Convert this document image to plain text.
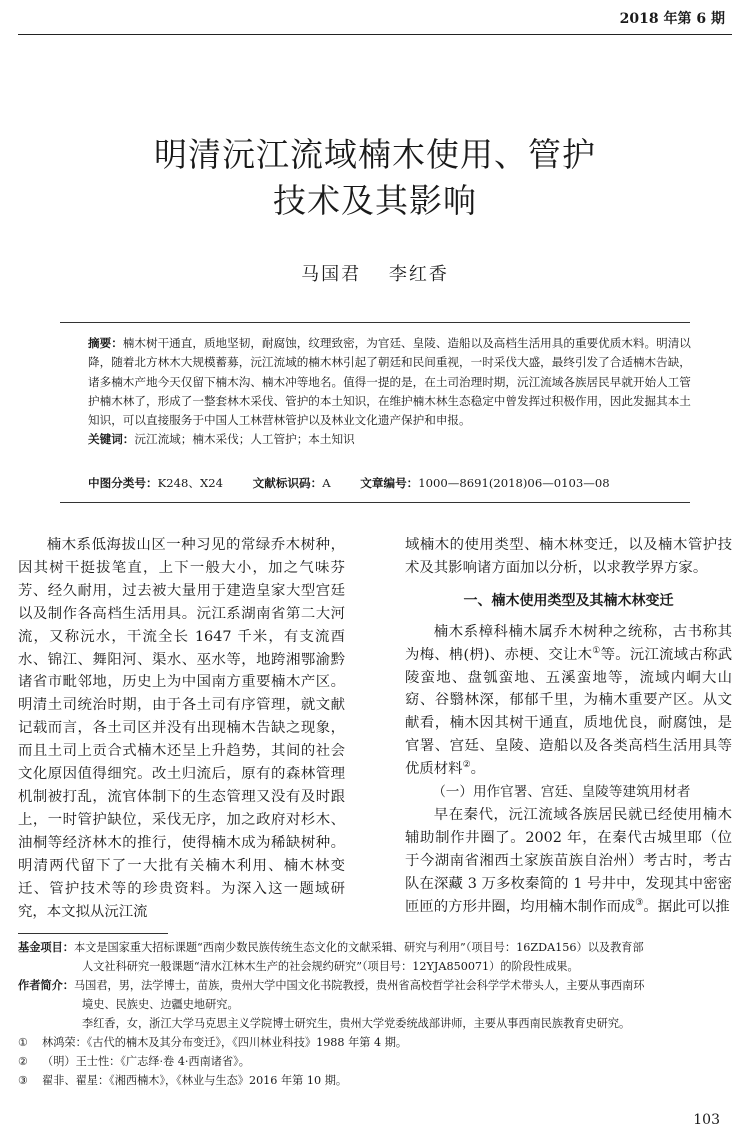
2018 年第 6 期
明清沅江流域楠木使用、管护
技术及其影响
马国君 李红香

摘要：楠木树干通直，质地坚韧，耐腐蚀，纹理致密，为官廷、皇陵、造船以及高档生活用具的重要优质木料。明清以降，随着北方林木大规模蓄募，沅江流域的楠木林引起了朝廷和民间重视，一时采伐大盛，最终引发了合适楠木告缺，诸多楠木产地今天仅留下楠木沟、楠木冲等地名。值得一提的是，在土司治理时期，沅江流域各族居民早就开始人工管护楠木林了，形成了一整套林木采伐、管护的本土知识，在维护楠木林生态稳定中曾发挥过积极作用，因此发掘其本土知识，可以直接服务于中国人工林营林管护以及林业文化遗产保护和申报。

关键词：沅江流域；楠木采伐；人工管护；本土知识

中图分类号：K248、X24	文献标识码：A	文章编号：1000—8691(2018)06—0103—08

楠木系低海拔山区一种习见的常绿乔木树种，因其树干挺拔笔直，上下一般大小，加之气味芬芳、经久耐用，过去被大量用于建造皇家大型宫廷以及制作各高档生活用具。沅江系湖南省第二大河流，又称沅水，干流全长 1647 千米，有支流酉水、锦江、舞阳河、渠水、巫水等，地跨湘鄂渝黔诸省市毗邻地，历史上为中国南方重要楠木产区。明清土司统治时期，由于各土司有序管理，就文献记载而言，各土司区并没有出现楠木告缺之现象，而且土司上贡合式楠木还呈上升趋势，其间的社会文化原因值得细究。改土归流后，原有的森林管理机制被打乱，流官体制下的生态管理又没有及时跟上，一时管护缺位，采伐无序，加之政府对杉木、油桐等经济林木的推行，使得楠木成为稀缺树种。明清两代留下了一大批有关楠木利用、楠木林变迁、管护技术等的珍贵资料。为深入这一题域研究，本文拟从沅江流

域楠木的使用类型、楠木林变迁，以及楠木管护技术及其影响诸方面加以分析，以求教学界方家。

一、楠木使用类型及其楠木林变迁

楠木系樟科楠木属乔木树种之统称，古书称其为梅、柟(枬)、赤梗、交让木①等。沅江流域古称武陵蛮地、盘瓠蛮地、五溪蛮地等，流域内峒大山窈、谷翳林深，郁郁千里，为楠木重要产区。从文献看，楠木因其树干通直，质地优良，耐腐蚀，是官署、宫廷、皇陵、造船以及各类高档生活用具等优质材料②。

（一）用作官署、宫廷、皇陵等建筑用材者

早在秦代，沅江流域各族居民就已经使用楠木辅助制作井圈了。2002 年，在秦代古城里耶（位于今湖南省湘西土家族苗族自治州）考古时，考古队在深藏 3 万多枚秦简的 1 号井中，发现其中密密匝匝的方形井圈，均用楠木制作而成③。据此可以推

基金项目：本文是国家重大招标课题“西南少数民族传统生态文化的文献采辑、研究与利用”（项目号：16ZDA156）以及教育部
人文社科研究一般课题“清水江林木生产的社会规约研究”（项目号：12YJA850071）的阶段性成果。
作者简介：马国君，男，法学博士，苗族，贵州大学中国文化书院教授，贵州省高校哲学社会科学学术带头人，主要从事西南环
境史、民族史、边疆史地研究。
李红香，女，浙江大学马克思主义学院博士研究生，贵州大学党委统战部讲师，主要从事西南民族教育史研究。
① 林鸿荣：《古代的楠木及其分布变迁》，《四川林业科技》1988 年第 4 期。
② （明）王士性：《广志绎·卷 4·西南诸省》。
③ 翟非、翟星：《湘西楠木》，《林业与生态》2016 年第 10 期。
103
